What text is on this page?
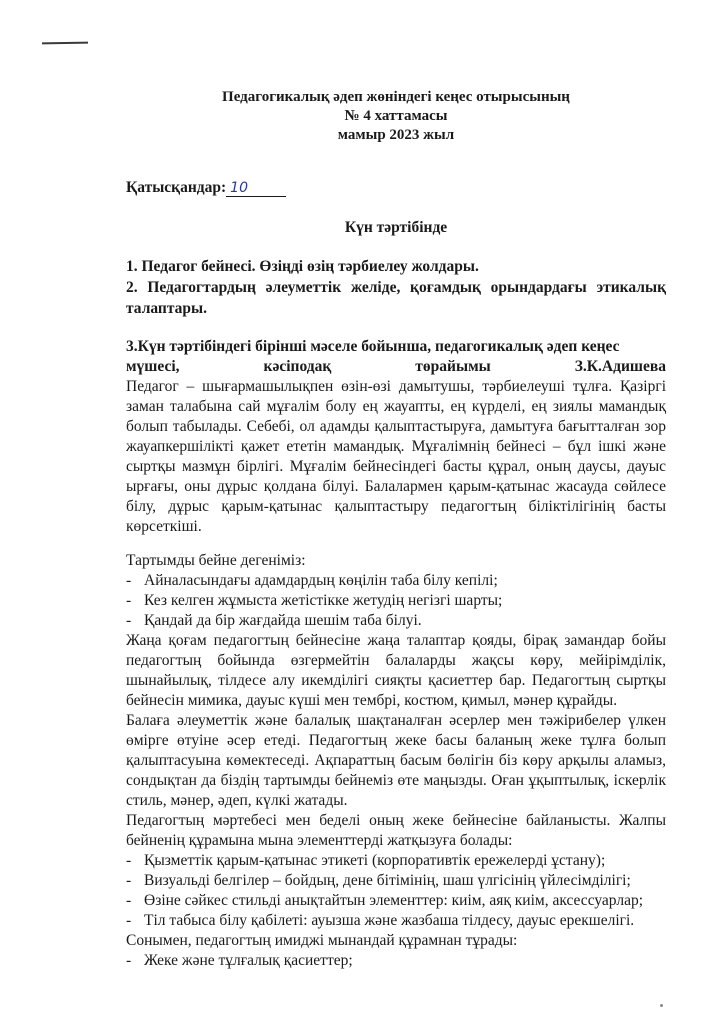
Педагогикалық әдеп жөніндегі кеңес отырысының
№ 4 хаттамасы
мамыр 2023 жыл
Қатысқандар: 10
Күн тәртібінде

1. Педагог бейнесі. Өзіңді өзің тәрбиелеу жолдары.

2. Педагогтардың әлеуметтік желіде, қоғамдық орындардағы этикалық талаптары.

3.Күн тәртібіндегі бірінші мәселе бойынша, педагогикалық әдеп кеңес
мүшесі,	кәсіподақ	төрайымы	З.К.Адишева

Педагог – шығармашылықпен өзін-өзі дамытушы, тәрбиелеуші тұлға. Қазіргі заман талабына сай мұғалім болу ең жауапты, ең күрделі, ең зиялы мамандық болып табылады. Себебі, ол адамды қалыптастыруға, дамытуға бағытталған зор жауапкершілікті қажет ететін мамандық. Мұғалімнің бейнесі – бұл ішкі және сыртқы мазмұн бірлігі. Мұғалім бейнесіндегі басты құрал, оның даусы, дауыс ырғағы, оны дұрыс қолдана білуі. Балалармен қарым-қатынас жасауда сөйлесе білу, дұрыс қарым-қатынас қалыптастыру педагогтың біліктілігінің басты көрсеткіші.

Тартымды бейне дегеніміз:

- Айналасындағы адамдардың көңілін таба білу кепілі;
- Кез келген жұмыста жетістікке жетудің негізгі шарты;
- Қандай да бір жағдайда шешім таба білуі.

Жаңа қоғам педагогтың бейнесіне жаңа талаптар қояды, бірақ замандар бойы педагогтың бойында өзгермейтін балаларды жақсы көру, мейірімділік, шынайылық, тілдесе алу икемділігі сияқты қасиеттер бар. Педагогтың сыртқы бейнесін мимика, дауыс күші мен тембрі, костюм, қимыл, мәнер құрайды.

Балаға әлеуметтік және балалық шақтаналған әсерлер мен тәжірибелер үлкен өмірге өтуіне әсер етеді. Педагогтың жеке басы баланың жеке тұлға болып қалыптасуына көмектеседі. Ақпараттың басым бөлігін біз көру арқылы аламыз, сондықтан да біздің тартымды бейнеміз өте маңызды. Оған ұқыптылық, іскерлік стиль, мәнер, әдеп, күлкі жатады.

Педагогтың мәртебесі мен беделі оның жеке бейнесіне байланысты. Жалпы бейненің құрамына мына элементтерді жатқызуға болады:

- Қызметтік қарым-қатынас этикеті (корпоративтік ережелерді ұстану);
- Визуальді белгілер – бойдың, дене бітімінің, шаш үлгісінің үйлесімділігі;
- Өзіне сәйкес стильді анықтайтын элементтер: киім, аяқ киім, аксессуарлар;
- Тіл табыса білу қабілеті: ауызша және жазбаша тілдесу, дауыс ерекшелігі.

Сонымен, педагогтың имиджі мынандай құрамнан тұрады:

- Жеке және тұлғалық қасиеттер;
